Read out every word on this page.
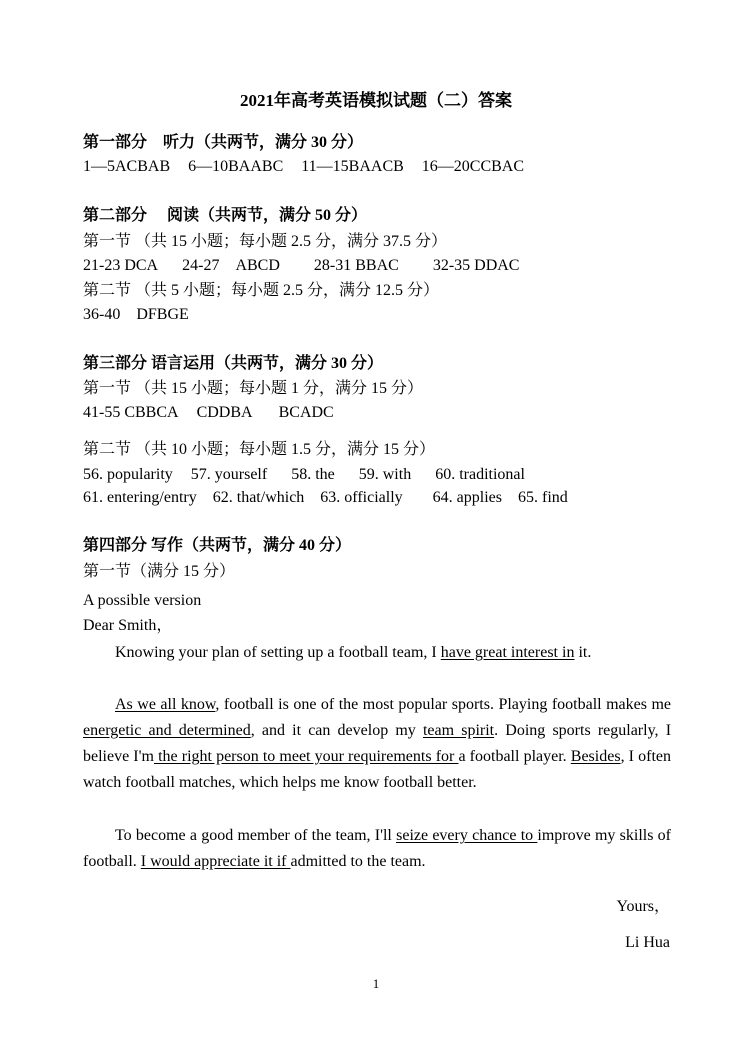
2021年高考英语模拟试题（二）答案
第一部分　听力（共两节，满分 30 分）
1—5ACBAB 6—10BAABC 11—15BAACB 16—20CCBAC
第二部分　 阅读（共两节，满分 50 分）
第一节 （共 15 小题；每小题 2.5 分，满分 37.5 分）
21-23 DCA 24-27　ABCD 28-31 BBAC 32-35 DDAC
第二节 （共 5 小题；每小题 2.5 分，满分 12.5 分）
36-40　DFBGE
第三部分 语言运用（共两节，满分 30 分）
第一节 （共 15 小题；每小题 1 分，满分 15 分）
41-55 CBBCA CDDBA BCADC
第二节 （共 10 小题；每小题 1.5 分，满分 15 分）
56. popularity 57. yourself 58. the 59. with 60. traditional
61. entering/entry 62. that/which 63. officially 64. applies 65. find
第四部分 写作（共两节，满分 40 分）
第一节（满分 15 分）
A possible version
Dear Smith，
Knowing your plan of setting up a football team, I have great interest in it.
As we all know, football is one of the most popular sports. Playing football makes me energetic and determined, and it can develop my team spirit. Doing sports regularly, I believe I'm the right person to meet your requirements for a football player. Besides, I often watch football matches, which helps me know football better.
To become a good member of the team, I'll seize every chance to improve my skills of football. I would appreciate it if admitted to the team.
Yours，
Li Hua
1
